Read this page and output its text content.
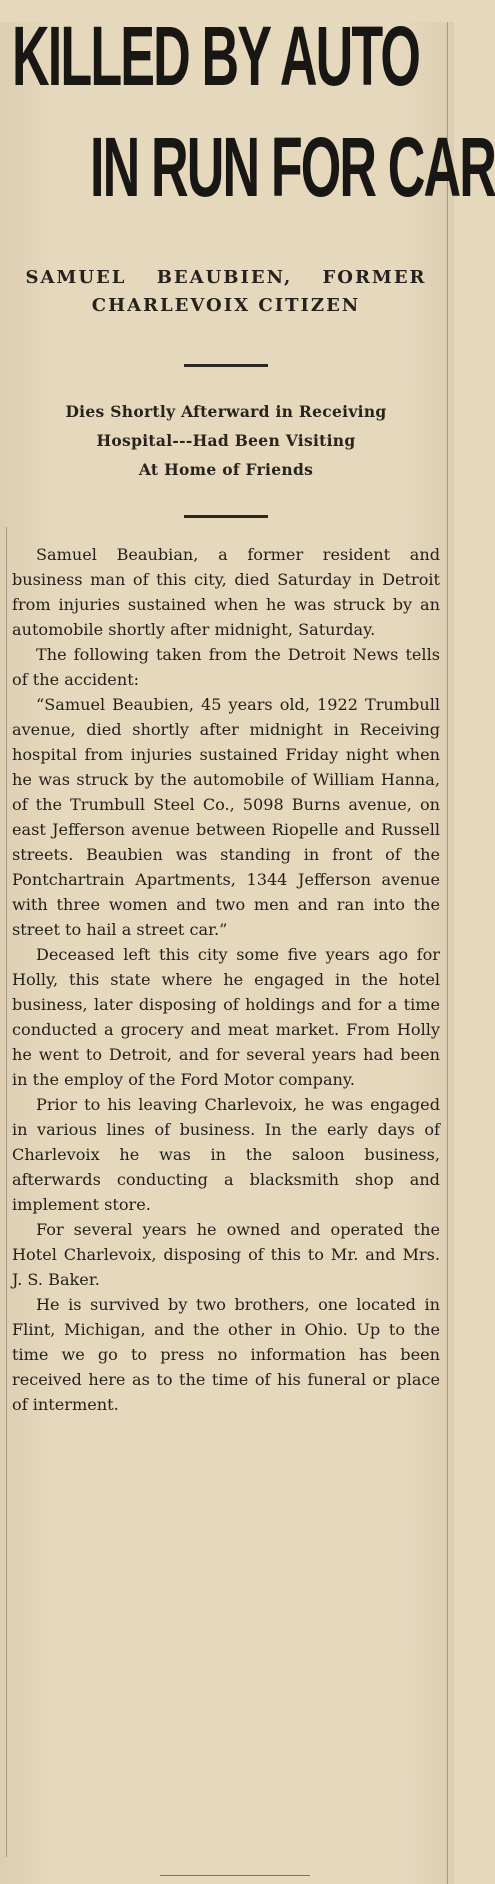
KILLED BY AUTO
IN RUN FOR CAR
SAMUEL BEAUBIEN, FORMER
CHARLEVOIX CITIZEN
Dies Shortly Afterward in Receiving
Hospital---Had Been Visiting
At Home of Friends

Samuel Beaubian, a former resident and business man of this city, died Saturday in Detroit from injuries sustained when he was struck by an automobile shortly after midnight, Saturday.

The following taken from the Detroit News tells of the accident:

“Samuel Beaubien, 45 years old, 1922 Trumbull avenue, died shortly after midnight in Receiving hospital from injuries sustained Friday night when he was struck by the automobile of William Hanna, of the Trumbull Steel Co., 5098 Burns avenue, on east Jefferson avenue between Riopelle and Russell streets. Beaubien was standing in front of the Pontchartrain Apartments, 1344 Jefferson avenue with three women and two men and ran into the street to hail a street car.”

Deceased left this city some five years ago for Holly, this state where he engaged in the hotel business, later disposing of holdings and for a time conducted a grocery and meat market. From Holly he went to Detroit, and for several years had been in the employ of the Ford Motor company.

Prior to his leaving Charlevoix, he was engaged in various lines of business. In the early days of Charlevoix he was in the saloon business, afterwards conducting a blacksmith shop and implement store.

For several years he owned and operated the Hotel Charlevoix, disposing of this to Mr. and Mrs. J. S. Baker.

He is survived by two brothers, one located in Flint, Michigan, and the other in Ohio. Up to the time we go to press no information has been received here as to the time of his funeral or place of interment.
